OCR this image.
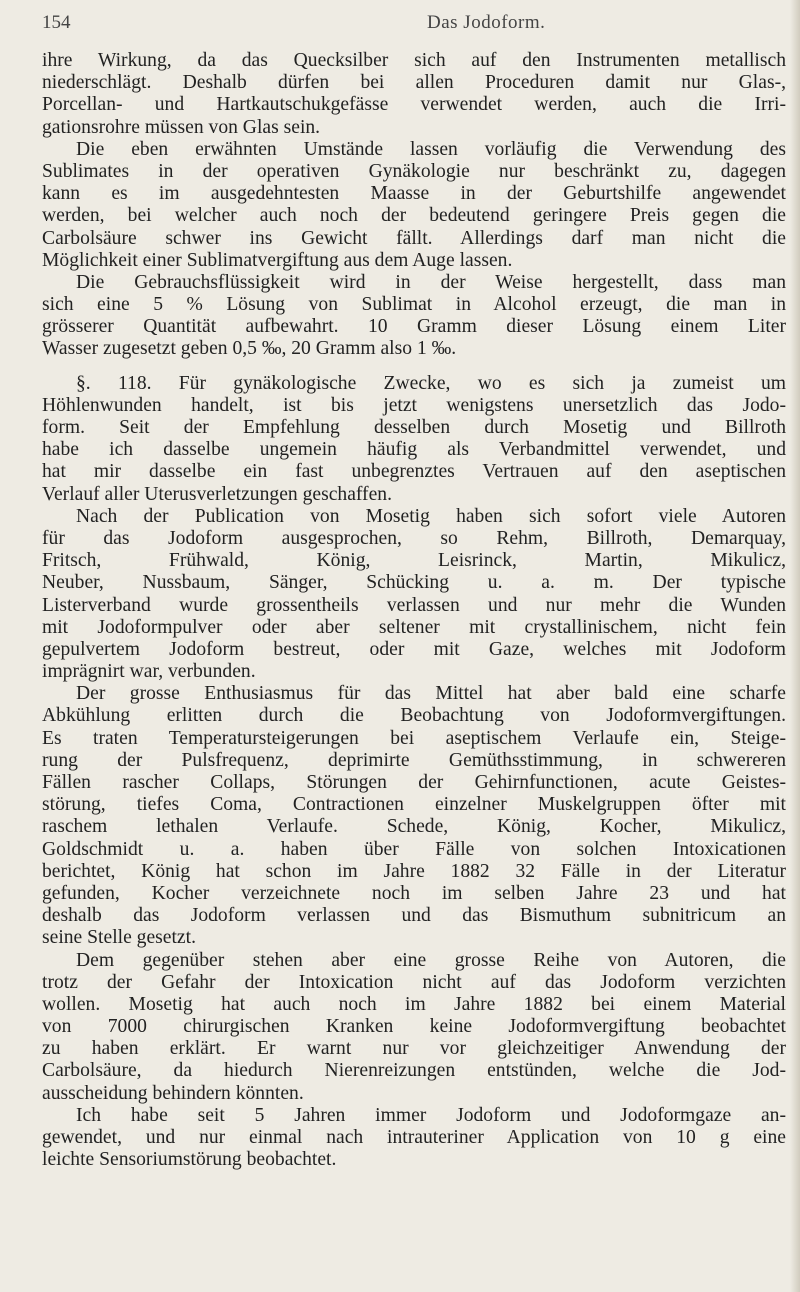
154	Das Jodoform.
ihre Wirkung, da das Quecksilber sich auf den Instrumenten metallisch
niederschlägt. Deshalb dürfen bei allen Proceduren damit nur Glas-,
Porcellan- und Hartkautschukgefässe verwendet werden, auch die Irri-
gationsrohre müssen von Glas sein.
Die eben erwähnten Umstände lassen vorläufig die Verwendung des
Sublimates in der operativen Gynäkologie nur beschränkt zu, dagegen
kann es im ausgedehntesten Maasse in der Geburtshilfe angewendet
werden, bei welcher auch noch der bedeutend geringere Preis gegen die
Carbolsäure schwer ins Gewicht fällt. Allerdings darf man nicht die
Möglichkeit einer Sublimatvergiftung aus dem Auge lassen.
Die Gebrauchsflüssigkeit wird in der Weise hergestellt, dass man
sich eine 5 % Lösung von Sublimat in Alcohol erzeugt, die man in
grösserer Quantität aufbewahrt. 10 Gramm dieser Lösung einem Liter
Wasser zugesetzt geben 0,5 ‰, 20 Gramm also 1 ‰.
§. 118. Für gynäkologische Zwecke, wo es sich ja zumeist um
Höhlenwunden handelt, ist bis jetzt wenigstens unersetzlich das Jodo-
form. Seit der Empfehlung desselben durch Mosetig und Billroth
habe ich dasselbe ungemein häufig als Verbandmittel verwendet, und
hat mir dasselbe ein fast unbegrenztes Vertrauen auf den aseptischen
Verlauf aller Uterusverletzungen geschaffen.
Nach der Publication von Mosetig haben sich sofort viele Autoren
für das Jodoform ausgesprochen, so Rehm, Billroth, Demarquay,
Fritsch, Frühwald, König, Leisrinck, Martin, Mikulicz,
Neuber, Nussbaum, Sänger, Schücking u. a. m. Der typische
Listerverband wurde grossentheils verlassen und nur mehr die Wunden
mit Jodoformpulver oder aber seltener mit crystallinischem, nicht fein
gepulvertem Jodoform bestreut, oder mit Gaze, welches mit Jodoform
imprägnirt war, verbunden.
Der grosse Enthusiasmus für das Mittel hat aber bald eine scharfe
Abkühlung erlitten durch die Beobachtung von Jodoformvergiftungen.
Es traten Temperatursteigerungen bei aseptischem Verlaufe ein, Steige-
rung der Pulsfrequenz, deprimirte Gemüthsstimmung, in schwereren
Fällen rascher Collaps, Störungen der Gehirnfunctionen, acute Geistes-
störung, tiefes Coma, Contractionen einzelner Muskelgruppen öfter mit
raschem lethalen Verlaufe. Schede, König, Kocher, Mikulicz,
Goldschmidt u. a. haben über Fälle von solchen Intoxicationen
berichtet, König hat schon im Jahre 1882 32 Fälle in der Literatur
gefunden, Kocher verzeichnete noch im selben Jahre 23 und hat
deshalb das Jodoform verlassen und das Bismuthum subnitricum an
seine Stelle gesetzt.
Dem gegenüber stehen aber eine grosse Reihe von Autoren, die
trotz der Gefahr der Intoxication nicht auf das Jodoform verzichten
wollen. Mosetig hat auch noch im Jahre 1882 bei einem Material
von 7000 chirurgischen Kranken keine Jodoformvergiftung beobachtet
zu haben erklärt. Er warnt nur vor gleichzeitiger Anwendung der
Carbolsäure, da hiedurch Nierenreizungen entstünden, welche die Jod-
ausscheidung behindern könnten.
Ich habe seit 5 Jahren immer Jodoform und Jodoformgaze an-
gewendet, und nur einmal nach intrauteriner Application von 10 g eine
leichte Sensoriumstörung beobachtet.
